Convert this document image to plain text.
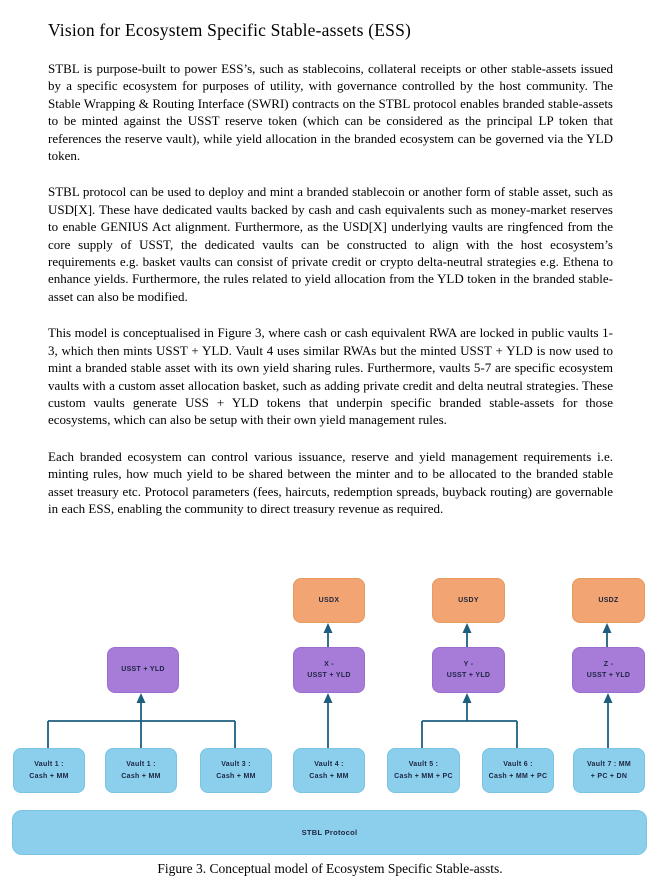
Vision for Ecosystem Specific Stable-assets (ESS)

STBL is purpose-built to power ESS’s, such as stablecoins, collateral receipts or other stable-assets issued by a specific ecosystem for purposes of utility, with governance controlled by the host community. The Stable Wrapping & Routing Interface (SWRI) contracts on the STBL protocol enables branded stable-assets to be minted against the USST reserve token (which can be considered as the principal LP token that references the reserve vault), while yield allocation in the branded ecosystem can be governed via the YLD token.

STBL protocol can be used to deploy and mint a branded stablecoin or another form of stable asset, such as USD[X]. These have dedicated vaults backed by cash and cash equivalents such as money-market reserves to enable GENIUS Act alignment. Furthermore, as the USD[X] underlying vaults are ringfenced from the core supply of USST, the dedicated vaults can be constructed to align with the host ecosystem’s requirements e.g. basket vaults can consist of private credit or crypto delta-neutral strategies e.g. Ethena to enhance yields. Furthermore, the rules related to yield allocation from the YLD token in the branded stable-asset can also be modified.

This model is conceptualised in Figure 3, where cash or cash equivalent RWA are locked in public vaults 1-3, which then mints USST + YLD. Vault 4 uses similar RWAs but the minted USST + YLD is now used to mint a branded stable asset with its own yield sharing rules. Furthermore, vaults 5-7 are specific ecosystem vaults with a custom asset allocation basket, such as adding private credit and delta neutral strategies. These custom vaults generate USS + YLD tokens that underpin specific branded stable-assets for those ecosystems, which can also be setup with their own yield management rules.

Each branded ecosystem can control various issuance, reserve and yield management requirements i.e. minting rules, how much yield to be shared between the minter and to be allocated to the branded stable asset treasury etc. Protocol parameters (fees, haircuts, redemption spreads, buyback routing) are governable in each ESS, enabling the community to direct treasury revenue as required.

USDX	USDY	USDZ
USST + YLD
X -
USST + YLD
Y -
USST + YLD
Z -
USST + YLD
Vault 1 :
Cash + MM
Vault 1 :
Cash + MM
Vault 3 :
Cash + MM
Vault 4 :
Cash + MM
Vault 5 :
Cash + MM + PC
Vault 6 :
Cash + MM + PC
Vault 7 : MM
+ PC + DN
STBL Protocol
Figure 3. Conceptual model of Ecosystem Specific Stable-assts.
